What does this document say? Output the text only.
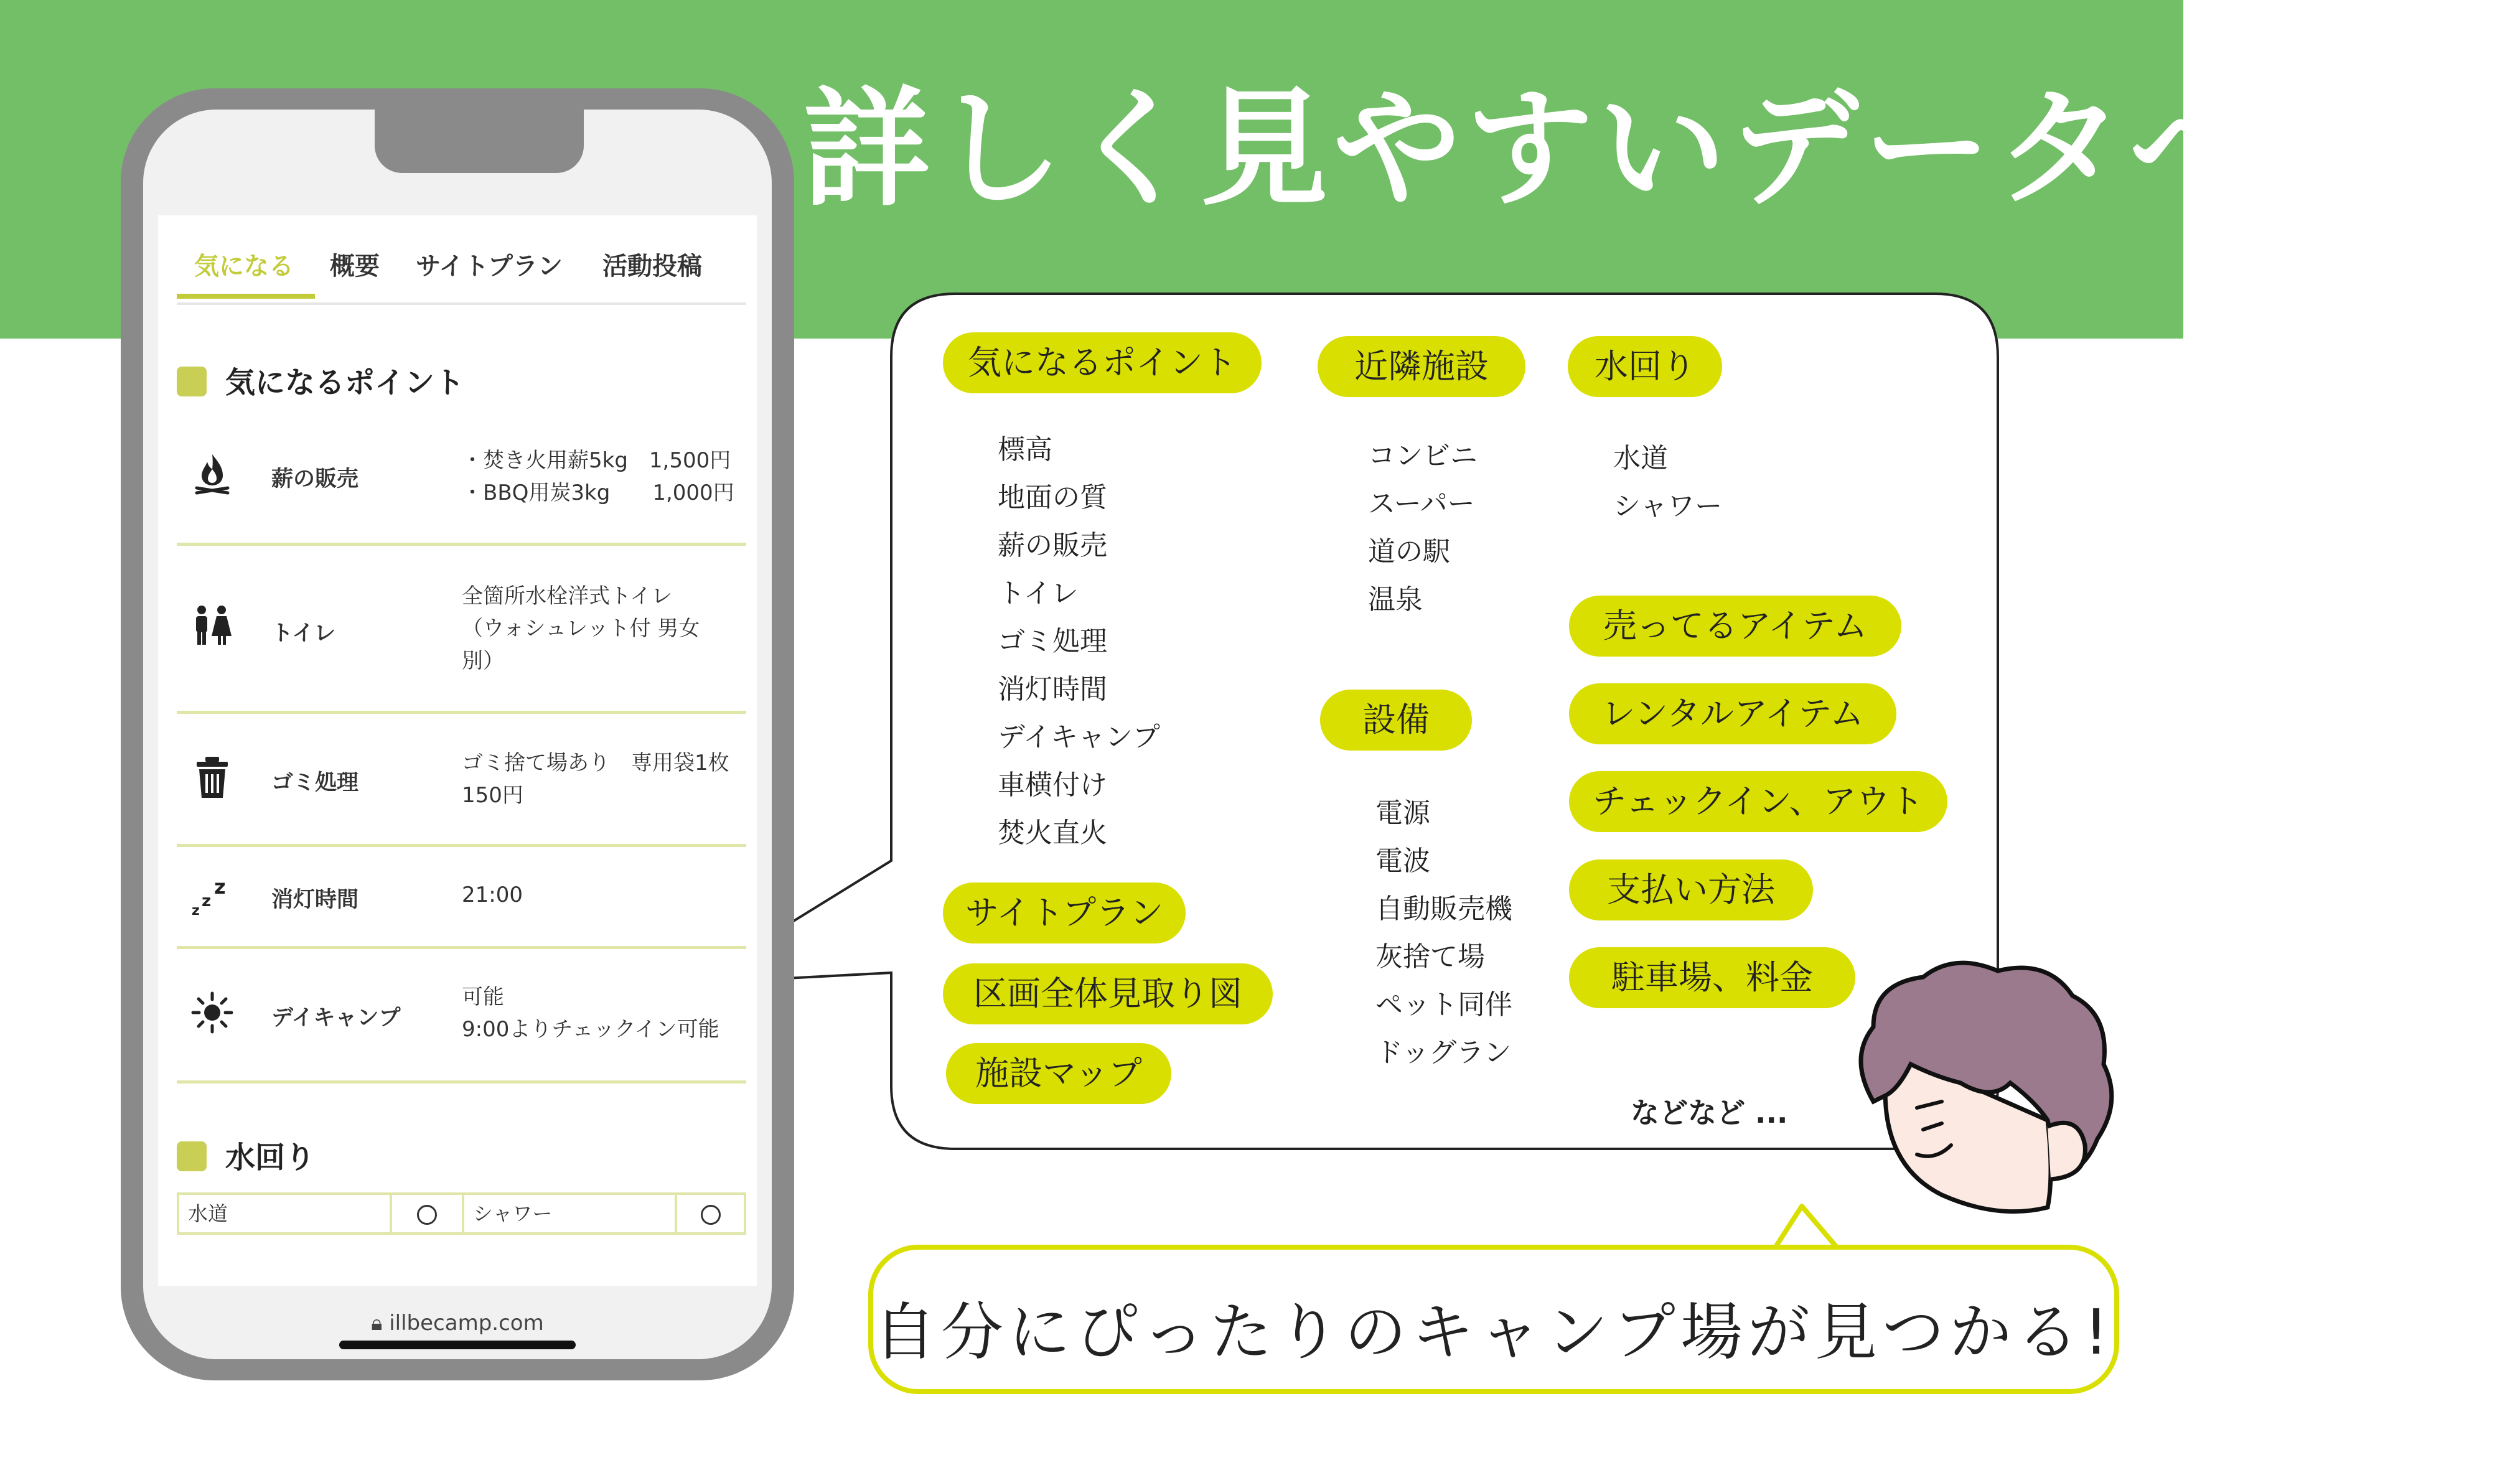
詳しく見やすいデータベース
気になる 概要 サイトプラン 活動投稿
気になるポイント
薪の販売
・焚き火用薪5kg　1,500円
・BBQ用炭3kg　　1,000円
トイレ
全箇所水栓洋式トイレ
（ウォシュレット付 男女
別）
ゴミ処理
ゴミ捨て場あり　専用袋1枚
150円
z
z
z
消灯時間	21:00
デイキャンプ
可能
9:00よりチェックイン可能
水回り
水道	シャワー
🔒︎ illbecamp.com
気になるポイント
標高
地面の質
薪の販売
トイレ
ゴミ処理
消灯時間
デイキャンプ
車横付け
焚火直火
サイトプラン
区画全体見取り図
施設マップ
近隣施設
コンビニ
スーパー
道の駅
温泉
設備
電源
電波
自動販売機
灰捨て場
ペット同伴
ドッグラン
水回り
水道
シャワー
売ってるアイテム
レンタルアイテム
チェックイン、アウト
支払い方法
駐車場、料金
などなど ...
自分にぴったりのキャンプ場が見つかる!
